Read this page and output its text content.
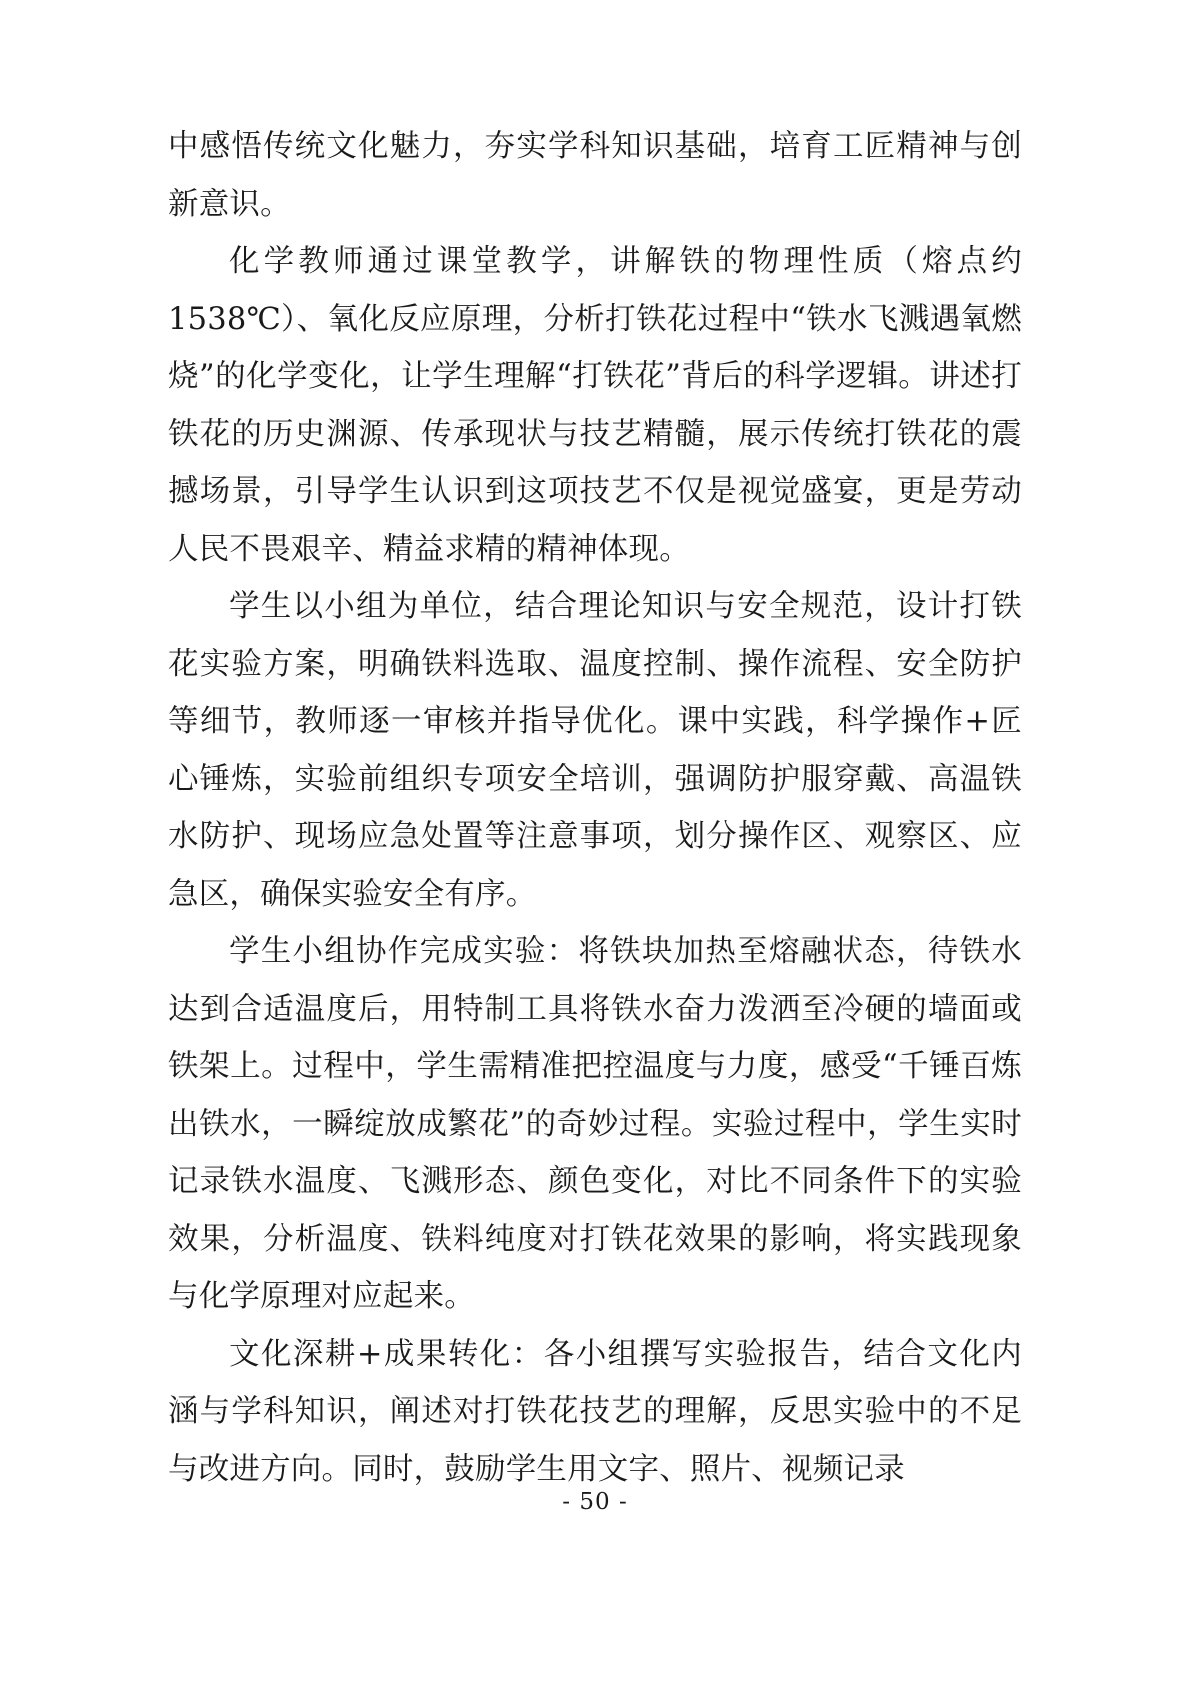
中感悟传统文化魅力，夯实学科知识基础，培育工匠精神与创新意识。

化学教师通过课堂教学，讲解铁的物理性质（熔点约1538℃）、氧化反应原理，分析打铁花过程中“铁水飞溅遇氧燃烧”的化学变化，让学生理解“打铁花”背后的科学逻辑。讲述打铁花的历史渊源、传承现状与技艺精髓，展示传统打铁花的震撼场景，引导学生认识到这项技艺不仅是视觉盛宴，更是劳动人民不畏艰辛、精益求精的精神体现。

学生以小组为单位，结合理论知识与安全规范，设计打铁花实验方案，明确铁料选取、温度控制、操作流程、安全防护等细节，教师逐一审核并指导优化。课中实践，科学操作+匠心锤炼，实验前组织专项安全培训，强调防护服穿戴、高温铁水防护、现场应急处置等注意事项，划分操作区、观察区、应急区，确保实验安全有序。

学生小组协作完成实验：将铁块加热至熔融状态，待铁水达到合适温度后，用特制工具将铁水奋力泼洒至冷硬的墙面或铁架上。过程中，学生需精准把控温度与力度，感受“千锤百炼出铁水，一瞬绽放成繁花”的奇妙过程。实验过程中，学生实时记录铁水温度、飞溅形态、颜色变化，对比不同条件下的实验效果，分析温度、铁料纯度对打铁花效果的影响，将实践现象与化学原理对应起来。

文化深耕+成果转化：各小组撰写实验报告，结合文化内涵与学科知识，阐述对打铁花技艺的理解，反思实验中的不足与改进方向。同时，鼓励学生用文字、照片、视频记录

- 50 -
